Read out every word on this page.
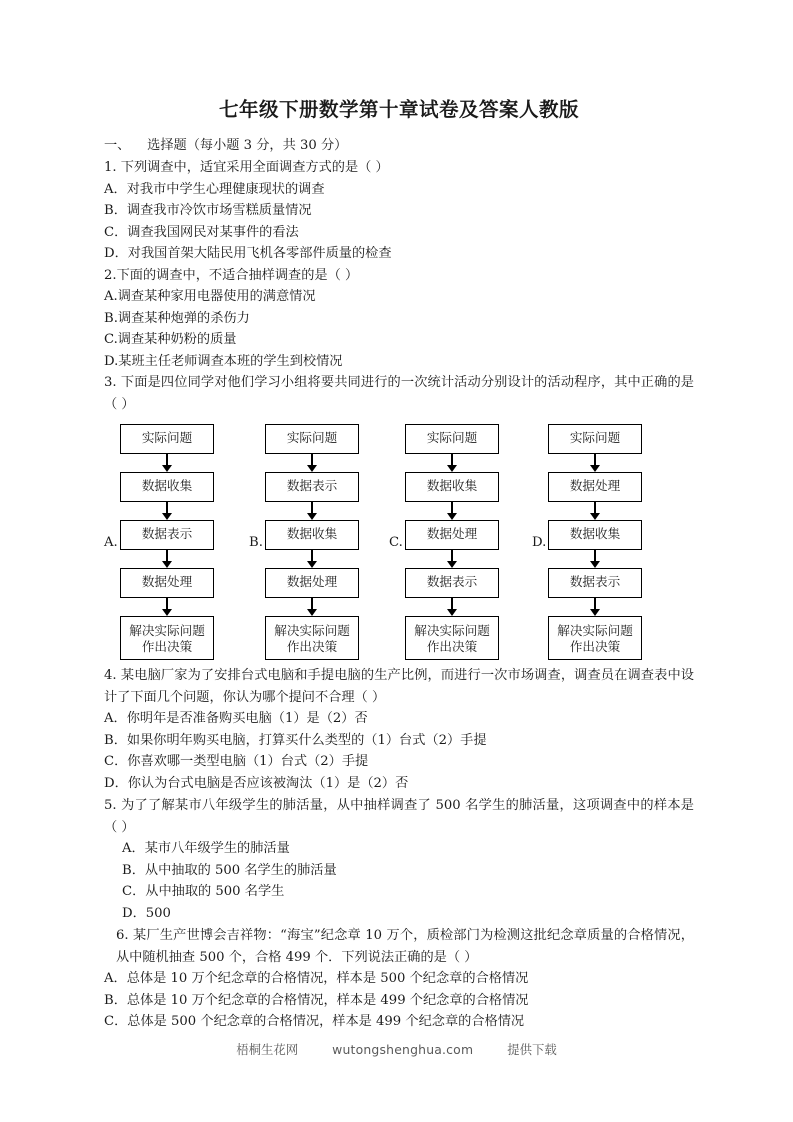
七年级下册数学第十章试卷及答案人教版

一、    选择题（每小题 3 分，共 30 分）

1. 下列调查中，适宜采用全面调查方式的是（ ）

A．对我市中学生心理健康现状的调查

B．调查我市冷饮市场雪糕质量情况

C．调查我国网民对某事件的看法

D．对我国首架大陆民用飞机各零部件质量的检查

2.下面的调查中，不适合抽样调查的是（ ）

A.调查某种家用电器使用的满意情况

B.调查某种炮弹的杀伤力

C.调查某种奶粉的质量

D.某班主任老师调查本班的学生到校情况

3. 下面是四位同学对他们学习小组将要共同进行的一次统计活动分别设计的活动程序，其中正确的是（ ）

A.
实际问题
数据收集
数据表示
数据处理
解决实际问题
作出决策
B.
实际问题
数据表示
数据收集
数据处理
解决实际问题
作出决策
C.
实际问题
数据收集
数据处理
数据表示
解决实际问题
作出决策
D.
实际问题
数据处理
数据收集
数据表示
解决实际问题
作出决策

4. 某电脑厂家为了安排台式电脑和手提电脑的生产比例，而进行一次市场调查，调查员在调查表中设计了下面几个问题，你认为哪个提问不合理（ ）

A．你明年是否准备购买电脑（1）是（2）否

B．如果你明年购买电脑，打算买什么类型的（1）台式（2）手提

C．你喜欢哪一类型电脑（1）台式（2）手提

D．你认为台式电脑是否应该被淘汰（1）是（2）否

5. 为了了解某市八年级学生的肺活量，从中抽样调查了 500 名学生的肺活量，这项调查中的样本是（ ）

A．某市八年级学生的肺活量

B．从中抽取的 500 名学生的肺活量

C．从中抽取的 500 名学生

D．500

6. 某厂生产世博会吉祥物：“海宝”纪念章 10 万个，质检部门为检测这批纪念章质量的合格情况，从中随机抽查 500 个，合格 499 个．下列说法正确的是（ ）

A．总体是 10 万个纪念章的合格情况，样本是 500 个纪念章的合格情况

B．总体是 10 万个纪念章的合格情况，样本是 499 个纪念章的合格情况

C．总体是 500 个纪念章的合格情况，样本是 499 个纪念章的合格情况

梧桐生花网	wutongshenghua.com	提供下载
